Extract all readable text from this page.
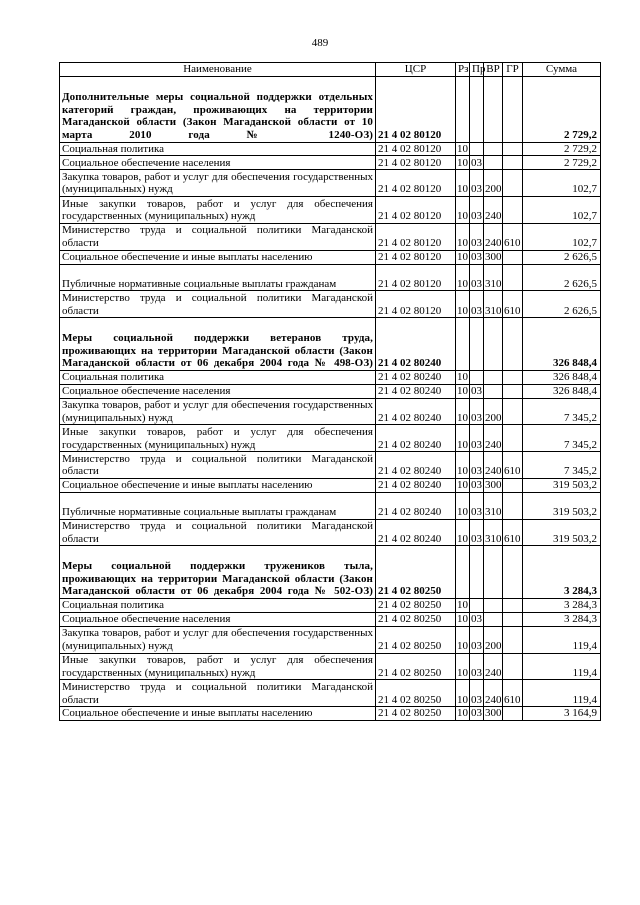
489
Наименование	ЦСР	Рз	Пр	ВР	ГР	Сумма
Дополнительные меры социальной поддержки отдельных категорий граждан, проживающих на территории Магаданской области (Закон Магаданской области от 10 марта 2010 года № 1240-ОЗ)	21 4 02 80120					2 729,2
Социальная политика	21 4 02 80120	10				2 729,2
Социальное обеспечение населения	21 4 02 80120	10	03			2 729,2
Закупка товаров, работ и услуг для обеспечения государственных (муниципальных) нужд	21 4 02 80120	10	03	200		102,7
Иные закупки товаров, работ и услуг для обеспечения государственных (муниципальных) нужд	21 4 02 80120	10	03	240		102,7
Министерство труда и социальной политики Магаданской области	21 4 02 80120	10	03	240	610	102,7
Социальное обеспечение и иные выплаты населению	21 4 02 80120	10	03	300		2 626,5
Публичные нормативные социальные выплаты гражданам	21 4 02 80120	10	03	310		2 626,5
Министерство труда и социальной политики Магаданской области	21 4 02 80120	10	03	310	610	2 626,5
Меры социальной поддержки ветеранов труда, проживающих на территории Магаданской области (Закон Магаданской области от 06 декабря 2004 года № 498-ОЗ)	21 4 02 80240					326 848,4
Социальная политика	21 4 02 80240	10				326 848,4
Социальное обеспечение населения	21 4 02 80240	10	03			326 848,4
Закупка товаров, работ и услуг для обеспечения государственных (муниципальных) нужд	21 4 02 80240	10	03	200		7 345,2
Иные закупки товаров, работ и услуг для обеспечения государственных (муниципальных) нужд	21 4 02 80240	10	03	240		7 345,2
Министерство труда и социальной политики Магаданской области	21 4 02 80240	10	03	240	610	7 345,2
Социальное обеспечение и иные выплаты населению	21 4 02 80240	10	03	300		319 503,2
Публичные нормативные социальные выплаты гражданам	21 4 02 80240	10	03	310		319 503,2
Министерство труда и социальной политики Магаданской области	21 4 02 80240	10	03	310	610	319 503,2
Меры социальной поддержки тружеников тыла, проживающих на территории Магаданской области (Закон Магаданской области от 06 декабря 2004 года № 502-ОЗ)	21 4 02 80250					3 284,3
Социальная политика	21 4 02 80250	10				3 284,3
Социальное обеспечение населения	21 4 02 80250	10	03			3 284,3
Закупка товаров, работ и услуг для обеспечения государственных (муниципальных) нужд	21 4 02 80250	10	03	200		119,4
Иные закупки товаров, работ и услуг для обеспечения государственных (муниципальных) нужд	21 4 02 80250	10	03	240		119,4
Министерство труда и социальной политики Магаданской области	21 4 02 80250	10	03	240	610	119,4
Социальное обеспечение и иные выплаты населению	21 4 02 80250	10	03	300		3 164,9
